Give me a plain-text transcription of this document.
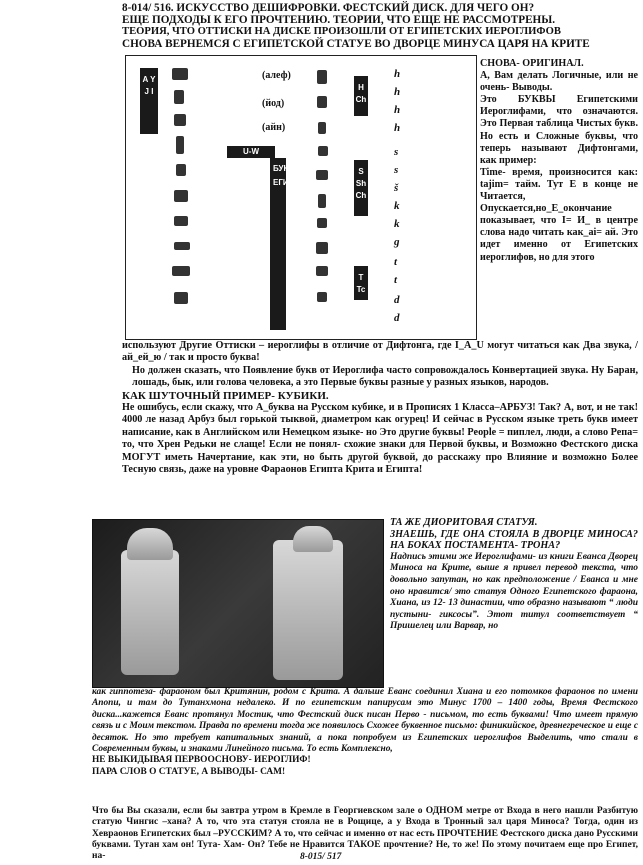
8-014/ 516. ИСКУССТВО ДЕШИФРОВКИ. ФЕСТСКИЙ ДИСК. ДЛЯ ЧЕГО ОН?
ЕЩЕ ПОДХОДЫ К ЕГО ПРОЧТЕНИЮ. ТЕОРИИ, ЧТО ЕЩЕ НЕ РАССМОТРЕНЫ.
ТЕОРИЯ, ЧТО ОТТИСКИ НА ДИСКЕ ПРОИЗОШЛИ ОТ ЕГИПЕТСКИХ ИЕРОГЛИФОВ
СНОВА ВЕРНЕМСЯ С ЕГИПЕТСКОЙ СТАТУЕ ВО ДВОРЦЕ МИНУСА ЦАРЯ НА КРИТЕ
A Y J I
(алеф)
(йод)
(айн)
U-W
БУКВЫ ЕГИПЕТ
H Ch
S Sh Ch
T Tc
h
h
h
h
s
s
š
k
k
g
t
t
d
d

СНОВА- ОРИГИНАЛ.

А, Вам делать Логичные, или не очень- Выводы.

Это БУКВЫ Египетскими Иероглифами, что означаются. Это Первая таблица Чистых букв. Но есть и Сложные буквы, что теперь называют Дифтонгами, как пример:

Time- время, произносится как: tajim= тайм. Тут E в конце не Читается, Опускается,но_E_окончание показывает, что I= И_ в центре слова надо читать как_ai= ай. Это идет именно от Египетских иероглифов, но для этого

используют Другие Оттиски – иероглифы в отличие от Дифтонга, где I_A_U могут читаться как Два звука, / ай_ей_ю / так и просто буква!

Но должен сказать, что Появление букв от Иероглифа часто сопровождалось Конвертацией звука. Ну Баран, лошадь, бык, или голова человека, а это Первые буквы разные у разных языков, народов.

КАК ШУТОЧНЫЙ ПРИМЕР- КУБИКИ.

Не ошибусь, если скажу, что А_буква на Русском кубике, и в Прописях 1 Класса–АРБУЗ! Так? А, вот, и не так! 4000 ле назад Арбуз был горькой тыквой, диаметром как огурец! И сейчас в Русском языке треть букв имеет написание, как в Английском или Немецком языке- но Это другие буквы! People = пиплел, люди, а слово Репа= то, что Хрен Редьки не слаще! Если не понял- схожие знаки для Первой буквы, и Возможно Фестского диска МОГУТ иметь Начертание, как эти, но быть другой буквой, до расскажу про Влияние и возможно Более Тесную связь, даже на уровне Фараонов Египта Крита и Египта!

ТА ЖЕ ДИОРИТОВАЯ СТАТУЯ.

ЗНАЕШЬ, ГДЕ ОНА СТОЯЛА В ДВОРЦЕ МИНОСА? НА БОКАХ ПОСТАМЕНТА- ТРОНА?

Надпись этими же Иероглифами- из книги Евансa Дворец Миноса на Крите, выше я привел перевод текста, что довольно запутан, но как предположение / Еванса и мне оно нравится/ это статуя Одного Египетского фараона, Хиана, из 12- 13 династии, что образно называют “ люди пустыни- гиксосы”. Этот титул соответствует “ Пришелец или Варвар, но

как гиппотеза- фараоном был Критянин, родом с Крита. А дальше Еванс соединил Хиана и его потомков фараонов по имени Апопи, и там до Тутанхмона недалеко. И по египетским папирусам это Минус 1700 – 1400 годы, Время Фестского диска...кажется Евaнс протянул Мостик, что Фестский диск писан Перво - письмом, то есть буквами! Что имеет прямую связь и с Моим текстом. Правда по времени тогда же появилось Схожее буквенное письмо: финикийское, древнегреческое и еще с десяток. Но это требует капитальных знаний, а пока попробуем из Египетских иероглифов Выделить, что стали в Современным буквы, и знаками Линейного письма. То есть Комплексно,

НЕ ВЫКИДЫВАЯ ПЕРВООСНОВУ- ИЕРОГЛИФ!

ПАРА СЛОВ О СТАТУЕ, А ВЫВОДЫ- САМ!

Что бы Вы сказали, если бы завтра утром в Кремле в Георгиевском зале о ОДНОМ метре от Входа в него нашли Разбитую статую Чингис –хана? А то, что эта статуя стояла не в Рощице, а у Входа в Тронный зал царя Миноса? Тогда, один из Хевраонов Египетских был –РУССКИМ? А то, что сейчас и именно от нас есть ПРОЧТЕНИЕ Фестского диска дано Русскими буквами. Тутан хам он! Тута- Хам- Он? Тебе не Нравится ТАКОЕ прочтение? Не, то же! По этому почитаем еще про Египет, на-	8-015/ 517
